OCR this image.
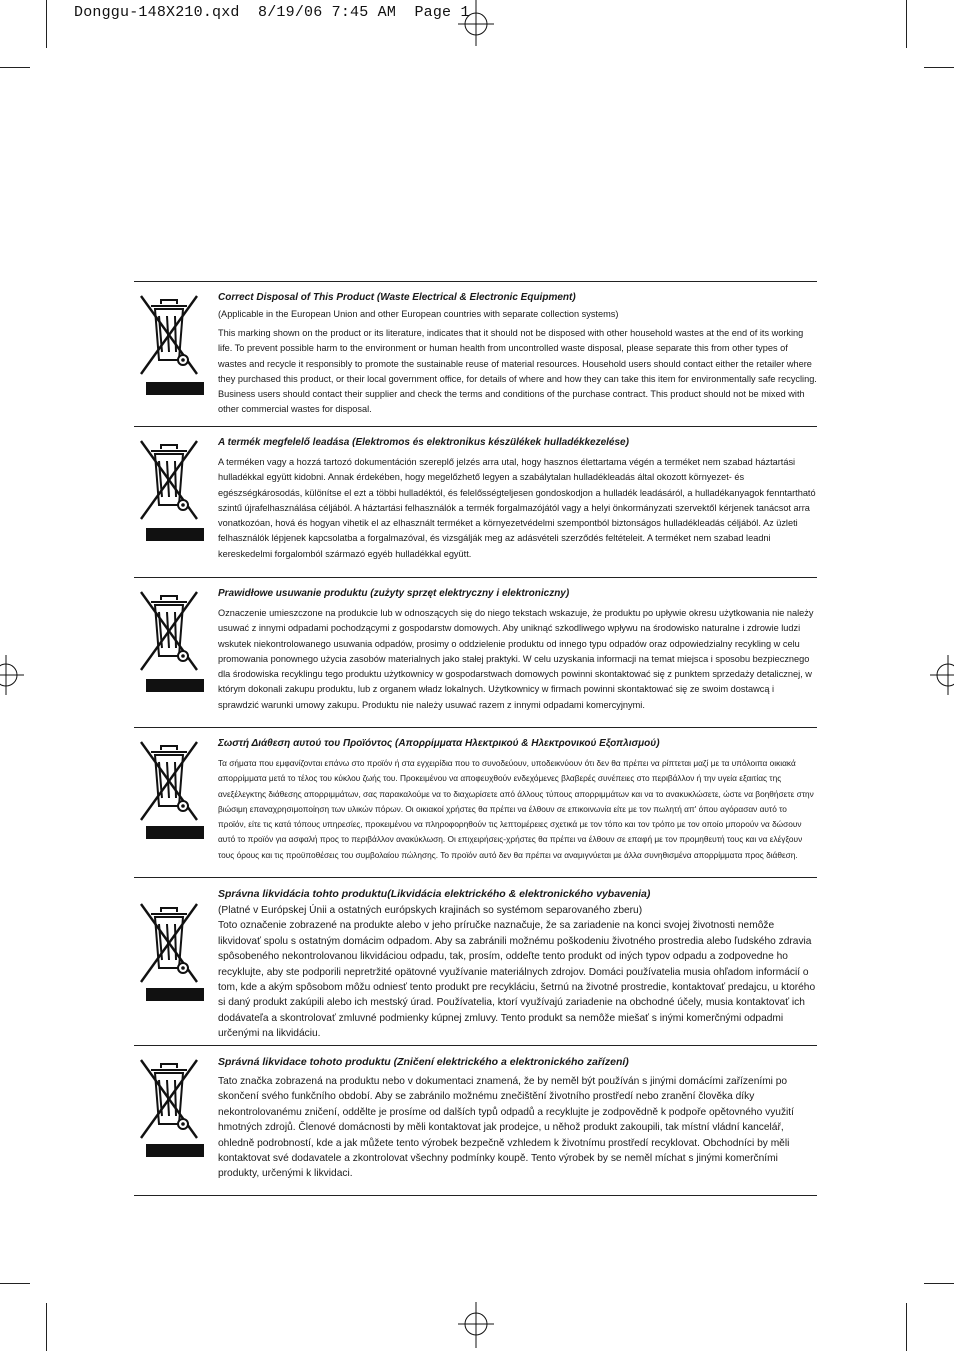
Donggu-148X210.qxd  8/19/06 7:45 AM  Page 1

Correct Disposal of This Product (Waste Electrical & Electronic Equipment)

(Applicable in the European Union and other European countries with separate collection systems)

This marking shown on the product or its literature, indicates that it should not be disposed with other household wastes at the end of its working life. To prevent possible harm to the environment or human health from uncontrolled waste disposal, please separate this from other types of wastes and recycle it responsibly to promote the sustainable reuse of material resources. Household users should contact either the retailer where they purchased this product, or their local government office, for details of where and how they can take this item for environmentally safe recycling. Business users should contact their supplier and check the terms and conditions of the purchase contract. This product should not be mixed with other commercial wastes for disposal.

A termék megfelelő leadása (Elektromos és elektronikus készülékek hulladékkezelése)

A terméken vagy a hozzá tartozó dokumentáción szereplő jelzés arra utal, hogy hasznos élettartama végén a terméket nem szabad háztartási hulladékkal együtt kidobni. Annak érdekében, hogy megelőzhető legyen a szabálytalan hulladékleadás által okozott környezet- és egészségkárosodás, különítse el ezt a többi hulladéktól, és felelősségteljesen gondoskodjon a hulladék leadásáról, a hulladékanyagok fenntartható szintű újrafelhasználása céljából. A háztartási felhasználók a termék forgalmazójától vagy a helyi önkormányzati szervektől kérjenek tanácsot arra vonatkozóan, hová és hogyan vihetik el az elhasznált terméket a környezetvédelmi szempontból biztonságos hulladékleadás céljából. Az üzleti felhasználók lépjenek kapcsolatba a forgalmazóval, és vizsgálják meg az adásvételi szerződés feltételeit. A terméket nem szabad leadni kereskedelmi forgalomból származó egyéb hulladékkal együtt.

Prawidłowe usuwanie produktu (zużyty sprzęt elektryczny i elektroniczny)

Oznaczenie umieszczone na produkcie lub w odnoszących się do niego tekstach wskazuje, że produktu po upływie okresu użytkowania nie należy usuwać z innymi odpadami pochodzącymi z gospodarstw domowych. Aby uniknąć szkodliwego wpływu na środowisko naturalne i zdrowie ludzi wskutek niekontrolowanego usuwania odpadów, prosimy o oddzielenie produktu od innego typu odpadów oraz odpowiedzialny recykling w celu promowania ponownego użycia zasobów materialnych jako stałej praktyki. W celu uzyskania informacji na temat miejsca i sposobu bezpiecznego dla środowiska recyklingu tego produktu użytkownicy w gospodarstwach domowych powinni skontaktować się z punktem sprzedaży detalicznej, w którym dokonali zakupu produktu, lub z organem władz lokalnych. Użytkownicy w firmach powinni skontaktować się ze swoim dostawcą i sprawdzić warunki umowy zakupu. Produktu nie należy usuwać razem z innymi odpadami komercyjnymi.

Σωστή Διάθεση αυτού του Προϊόντος (Απορρίμματα Ηλεκτρικού & Ηλεκτρονικού Εξοπλισμού)

Τα σήματα που εμφανίζονται επάνω στο προϊόν ή στα εγχειρίδια που το συνοδεύουν, υποδεικνύουν ότι δεν θα πρέπει να ρίπτεται μαζί με τα υπόλοιπα οικιακά απορρίμματα μετά το τέλος του κύκλου ζωής του. Προκειμένου να αποφευχθούν ενδεχόμενες βλαβερές συνέπειες στο περιβάλλον ή την υγεία εξαιτίας της ανεξέλεγκτης διάθεσης απορριμμάτων, σας παρακαλούμε να το διαχωρίσετε από άλλους τύπους απορριμμάτων και να το ανακυκλώσετε, ώστε να βοηθήσετε στην βιώσιμη επαναχρησιμοποίηση των υλικών πόρων. Οι οικιακοί χρήστες θα πρέπει να έλθουν σε επικοινωνία είτε με τον πωλητή απ' όπου αγόρασαν αυτό το προϊόν, είτε τις κατά τόπους υπηρεσίες, προκειμένου να πληροφορηθούν τις λεπτομέρειες σχετικά με τον τόπο και τον τρόπο με τον οποίο μπορούν να δώσουν αυτό το προϊόν για ασφαλή προς το περιβάλλον ανακύκλωση. Οι επιχειρήσεις-χρήστες θα πρέπει να έλθουν σε επαφή με τον προμηθευτή τους και να ελέγξουν τους όρους και τις προϋποθέσεις του συμβολαίου πώλησης. Το προϊόν αυτό δεν θα πρέπει να αναμιγνύεται με άλλα συνηθισμένα απορρίμματα προς διάθεση.

Správna likvidácia tohto produktu(Likvidácia elektrického & elektronického vybavenia)

(Platné v Európskej Únii a ostatných európskych krajinách so systémom separovaného zberu)

Toto označenie zobrazené na produkte alebo v jeho príručke naznačuje, že sa zariadenie na konci svojej životnosti nemôže likvidovať spolu s ostatným domácim odpadom. Aby sa zabránili možnému poškodeniu životného prostredia alebo ľudského zdravia spôsobeného nekontrolovanou likvidáciou odpadu, tak, prosím, oddeľte tento produkt od iných typov odpadu a zodpovedne ho recyklujte, aby ste podporili nepretržité opätovné využívanie materiálnych zdrojov. Domáci používatelia musia ohľadom informácií o tom, kde a akým spôsobom môžu odniesť tento produkt pre recykláciu, šetrnú na životné prostredie, kontaktovať predajcu, u ktorého si daný produkt zakúpili alebo ich mestský úrad. Používatelia, ktorí využívajú zariadenie na obchodné účely, musia kontaktovať ich dodávateľa a skontrolovať zmluvné podmienky kúpnej zmluvy. Tento produkt sa nemôže miešať s inými komerčnými odpadmi určenými na likvidáciu.

Správná likvidace tohoto produktu (Zničení elektrického a elektronického zařízení)

Tato značka zobrazená na produktu nebo v dokumentaci znamená, že by neměl být používán s jinými domácími zařízeními po skončení svého funkčního období. Aby se zabránilo možnému znečištění životního prostředí nebo zranění člověka díky nekontrolovanému zničení, oddělte je prosíme od dalších typů odpadů a recyklujte je zodpovědně k podpoře opětovného využití hmotných zdrojů. Členové domácnosti by měli kontaktovat jak prodejce, u něhož produkt zakoupili, tak místní vládní kancelář, ohledně podrobností, kde a jak můžete tento výrobek bezpečně vzhledem k životnímu prostředí recyklovat. Obchodníci by měli kontaktovat své dodavatele a zkontrolovat všechny podmínky koupě. Tento výrobek by se neměl míchat s jinými komerčními produkty, určenými k likvidaci.
